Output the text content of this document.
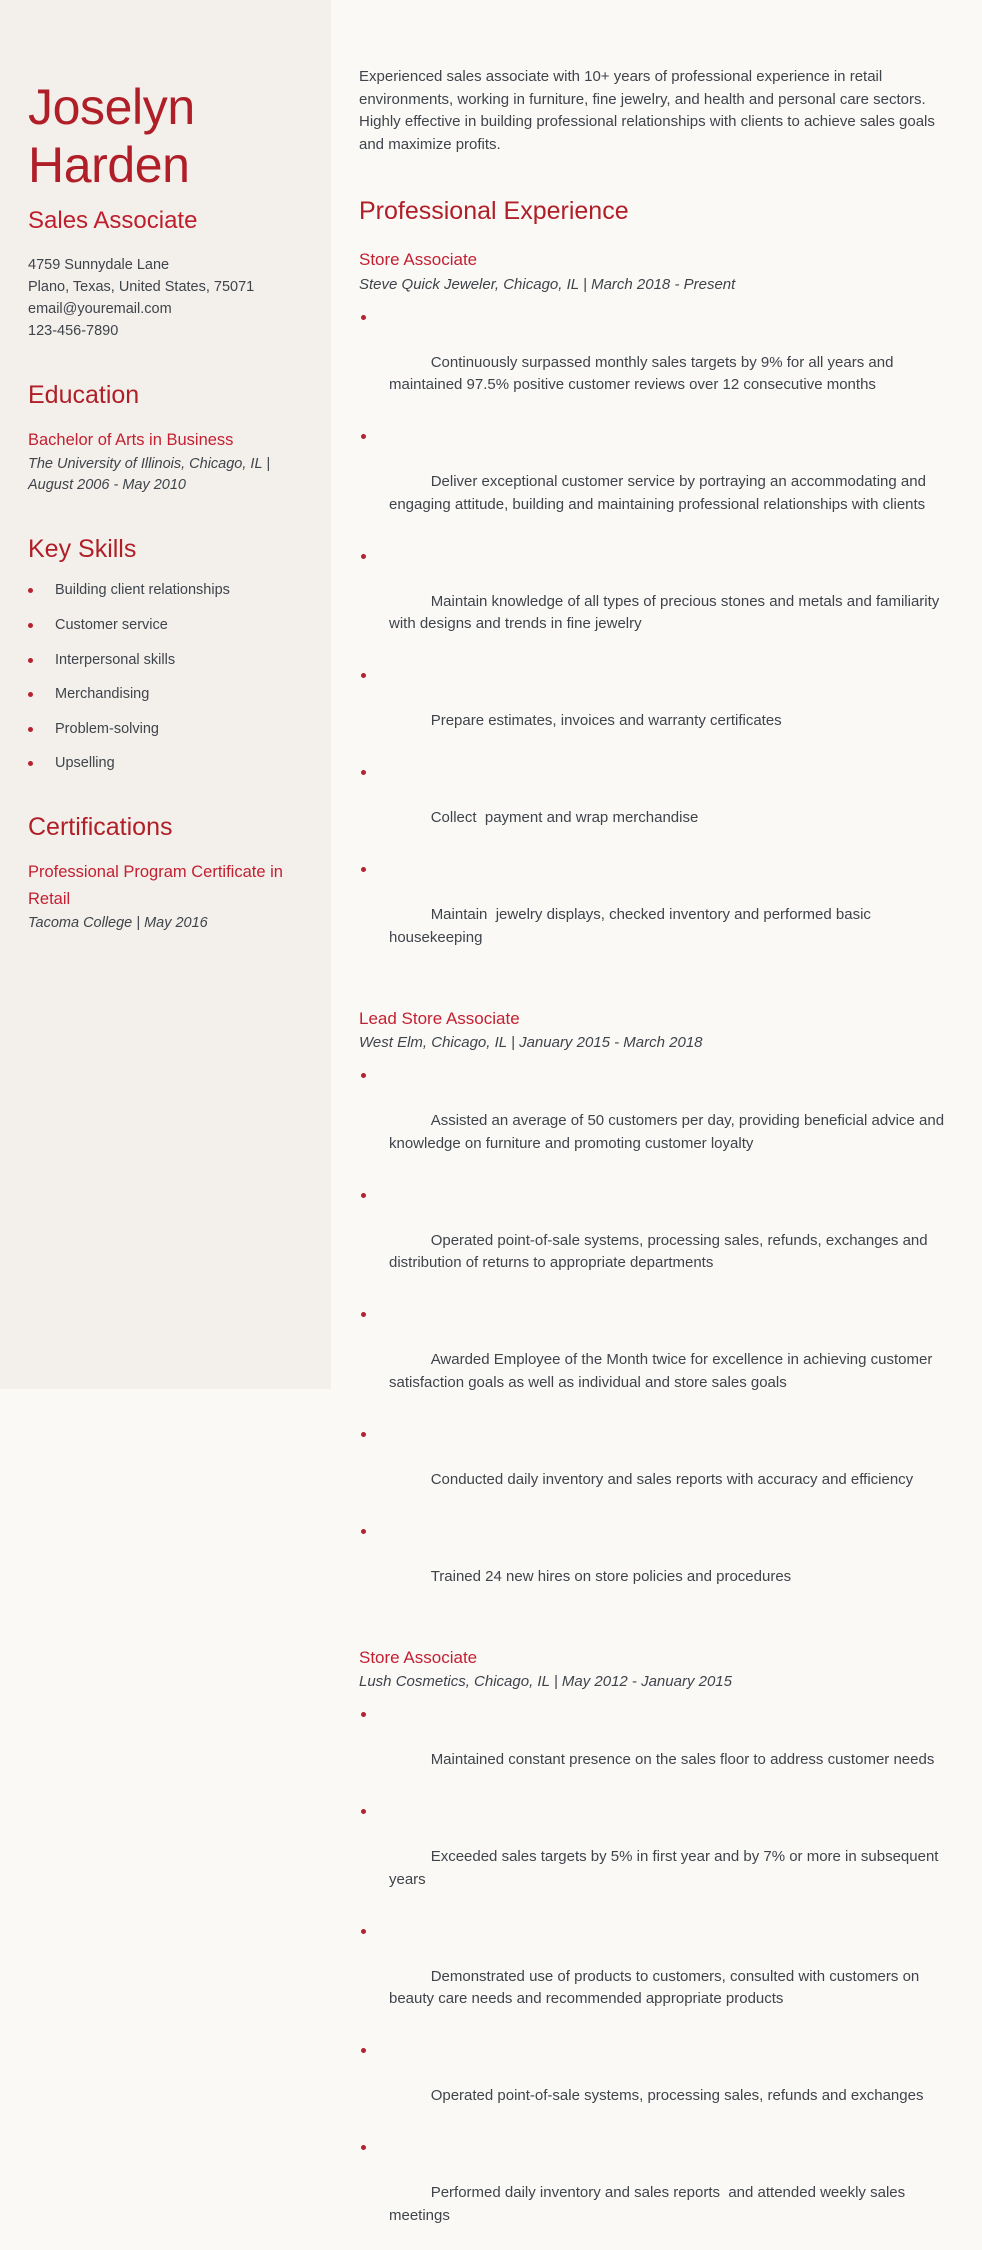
Joselyn
Harden
Sales Associate
4759 Sunnydale Lane
Plano, Texas, United States, 75071
email@youremail.com
123-456-7890
Education
Bachelor of Arts in Business
The University of Illinois, Chicago, IL |
August 2006 - May 2010
Key Skills
Building client relationships
Customer service
Interpersonal skills
Merchandising
Problem-solving
Upselling
Certifications
Professional Program Certificate in Retail
Tacoma College | May 2016

Experienced sales associate with 10+ years of professional experience in retail environments, working in furniture, fine jewelry, and health and personal care sectors. Highly effective in building professional relationships with clients to achieve sales goals and maximize profits.

Professional Experience
Store Associate
Steve Quick Jeweler, Chicago, IL | March 2018 - Present

Continuously surpassed monthly sales targets by 9% for all years and maintained 97.5% positive customer reviews over 12 consecutive months

Deliver exceptional customer service by portraying an accommodating and engaging attitude, building and maintaining professional relationships with clients

Maintain knowledge of all types of precious stones and metals and familiarity with designs and trends in fine jewelry

Prepare estimates, invoices and warranty certificates

Collect  payment and wrap merchandise

Maintain  jewelry displays, checked inventory and performed basic housekeeping

Lead Store Associate
West Elm, Chicago, IL | January 2015 - March 2018

Assisted an average of 50 customers per day, providing beneficial advice and knowledge on furniture and promoting customer loyalty

Operated point-of-sale systems, processing sales, refunds, exchanges and distribution of returns to appropriate departments

Awarded Employee of the Month twice for excellence in achieving customer satisfaction goals as well as individual and store sales goals

Conducted daily inventory and sales reports with accuracy and efficiency

Trained 24 new hires on store policies and procedures

Store Associate
Lush Cosmetics, Chicago, IL | May 2012 - January 2015

Maintained constant presence on the sales floor to address customer needs

Exceeded sales targets by 5% in first year and by 7% or more in subsequent years

Demonstrated use of products to customers, consulted with customers on beauty care needs and recommended appropriate products

Operated point-of-sale systems, processing sales, refunds and exchanges

Performed daily inventory and sales reports  and attended weekly sales meetings
